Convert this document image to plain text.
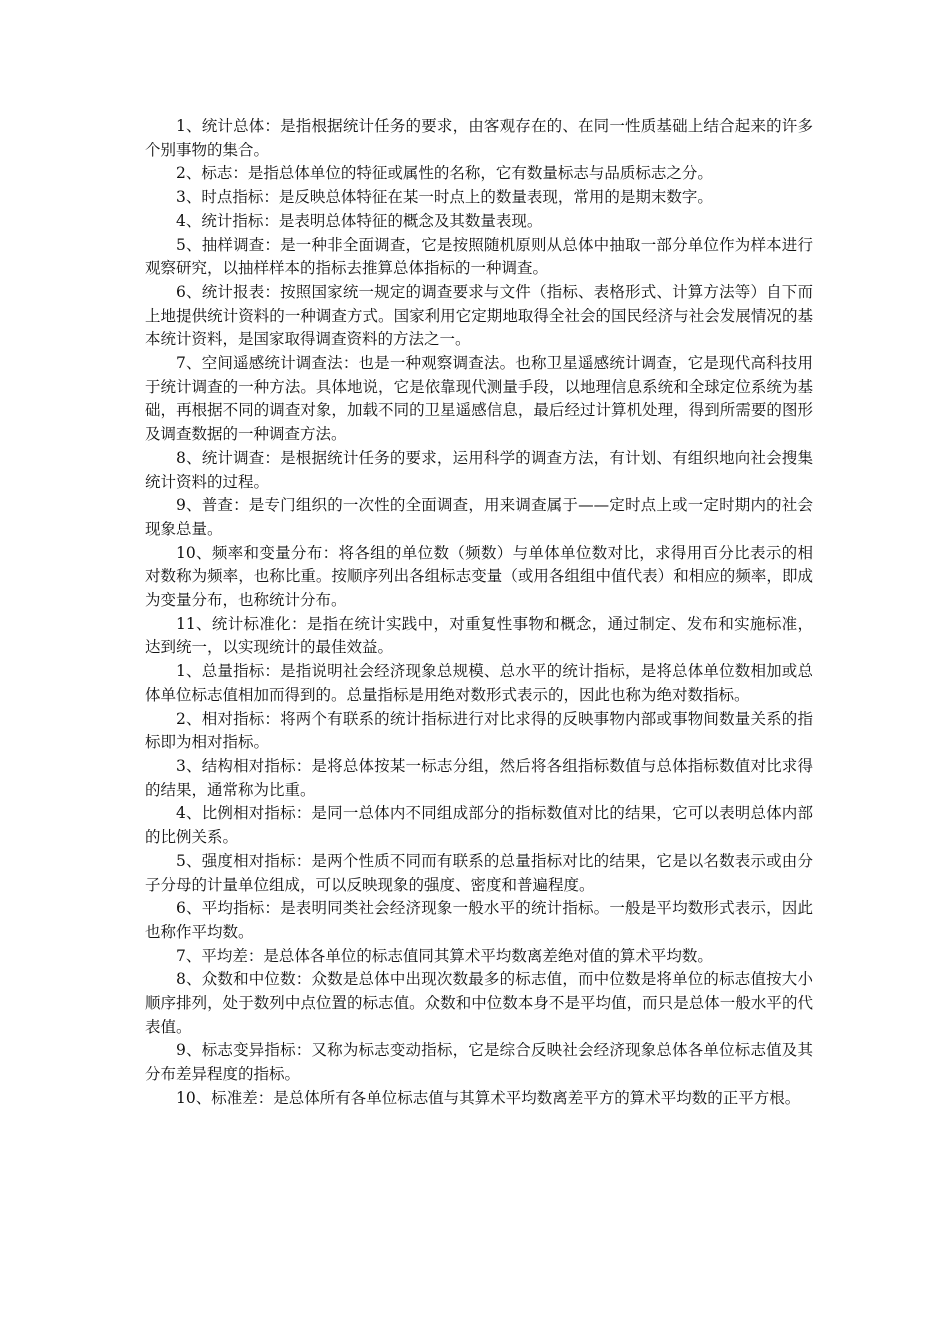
1、统计总体：是指根据统计任务的要求，由客观存在的、在同一性质基础上结合起来的许多个别事物的集合。

2、标志：是指总体单位的特征或属性的名称，它有数量标志与品质标志之分。

3、时点指标：是反映总体特征在某一时点上的数量表现，常用的是期末数字。

4、统计指标：是表明总体特征的概念及其数量表现。

5、抽样调查：是一种非全面调查，它是按照随机原则从总体中抽取一部分单位作为样本进行观察研究，以抽样样本的指标去推算总体指标的一种调查。

6、统计报表：按照国家统一规定的调查要求与文件（指标、表格形式、计算方法等）自下而上地提供统计资料的一种调查方式。国家利用它定期地取得全社会的国民经济与社会发展情况的基本统计资料，是国家取得调查资料的方法之一。

7、空间遥感统计调查法：也是一种观察调查法。也称卫星遥感统计调查，它是现代高科技用于统计调查的一种方法。具体地说，它是依靠现代测量手段，以地理信息系统和全球定位系统为基础，再根据不同的调查对象，加载不同的卫星遥感信息，最后经过计算机处理，得到所需要的图形及调查数据的一种调查方法。

8、统计调查：是根据统计任务的要求，运用科学的调查方法，有计划、有组织地向社会搜集统计资料的过程。

9、普查：是专门组织的一次性的全面调查，用来调查属于——定时点上或一定时期内的社会现象总量。

10、频率和变量分布：将各组的单位数（频数）与单体单位数对比，求得用百分比表示的相对数称为频率，也称比重。按顺序列出各组标志变量（或用各组组中值代表）和相应的频率，即成为变量分布，也称统计分布。

11、统计标准化：是指在统计实践中，对重复性事物和概念，通过制定、发布和实施标准，达到统一，以实现统计的最佳效益。

1、总量指标：是指说明社会经济现象总规模、总水平的统计指标，是将总体单位数相加或总体单位标志值相加而得到的。总量指标是用绝对数形式表示的，因此也称为绝对数指标。

2、相对指标：将两个有联系的统计指标进行对比求得的反映事物内部或事物间数量关系的指标即为相对指标。

3、结构相对指标：是将总体按某一标志分组，然后将各组指标数值与总体指标数值对比求得的结果，通常称为比重。

4、比例相对指标：是同一总体内不同组成部分的指标数值对比的结果，它可以表明总体内部的比例关系。

5、强度相对指标：是两个性质不同而有联系的总量指标对比的结果，它是以名数表示或由分子分母的计量单位组成，可以反映现象的强度、密度和普遍程度。

6、平均指标：是表明同类社会经济现象一般水平的统计指标。一般是平均数形式表示，因此也称作平均数。

7、平均差：是总体各单位的标志值同其算术平均数离差绝对值的算术平均数。

8、众数和中位数：众数是总体中出现次数最多的标志值，而中位数是将单位的标志值按大小顺序排列，处于数列中点位置的标志值。众数和中位数本身不是平均值，而只是总体一般水平的代表值。

9、标志变异指标：又称为标志变动指标，它是综合反映社会经济现象总体各单位标志值及其分布差异程度的指标。

10、标准差：是总体所有各单位标志值与其算术平均数离差平方的算术平均数的正平方根。
